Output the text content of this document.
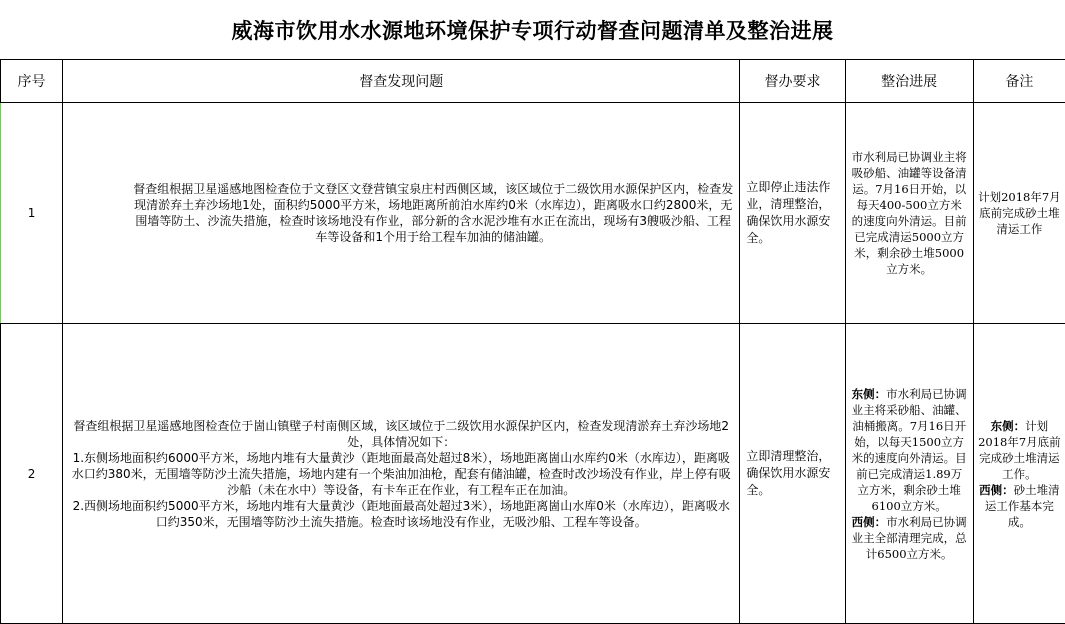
威海市饮用水水源地环境保护专项行动督查问题清单及整治进展
序号	督查发现问题	督办要求	整治进展	备注
1	督查组根据卫星遥感地图检查位于文登区文登营镇宝泉庄村西侧区域，该区域位于二级饮用水源保护区内，检查发现清淤弃土弃沙场地1处，面积约5000平方米，场地距离所前泊水库约0米（水库边），距离吸水口约2800米，无围墙等防土、沙流失措施，检查时该场地没有作业，部分新的含水泥沙堆有水正在流出，现场有3艘吸沙船、工程车等设备和1个用于给工程车加油的储油罐。	立即停止违法作业，清理整治，确保饮用水源安全。	市水利局已协调业主将吸砂船、油罐等设备清运。7月16日开始，以每天400-500立方米的速度向外清运。目前已完成清运5000立方米，剩余砂土堆5000立方米。	计划2018年7月底前完成砂土堆清运工作
2	督查组根据卫星遥感地图检查位于崮山镇壁子村南侧区域，该区域位于二级饮用水源保护区内，检查发现清淤弃土弃沙场地2处，具体情况如下：
1.东侧场地面积约6000平方米，场地内堆有大量黄沙（距地面最高处超过8米），场地距离崮山水库约0米（水库边），距离吸水口约380米，无围墙等防沙土流失措施，场地内建有一个柴油加油枪，配套有储油罐，检查时改沙场没有作业，岸上停有吸沙船（未在水中）等设备，有卡车正在作业，有工程车正在加油。
2.西侧场地面积约5000平方米，场地内堆有大量黄沙（距地面最高处超过3米），场地距离崮山水库0米（水库边），距离吸水口约350米，无围墙等防沙土流失措施。检查时该场地没有作业，无吸沙船、工程车等设备。	立即清理整治，确保饮用水源安全。	东侧：市水利局已协调业主将采砂船、油罐、油桶搬离。7月16日开始，以每天1500立方米的速度向外清运。目前已完成清运1.89万立方米，剩余砂土堆6100立方米。
西侧：市水利局已协调业主全部清理完成，总计6500立方米。	东侧：计划2018年7月底前完成砂土堆清运工作。
西侧：砂土堆清运工作基本完成。
